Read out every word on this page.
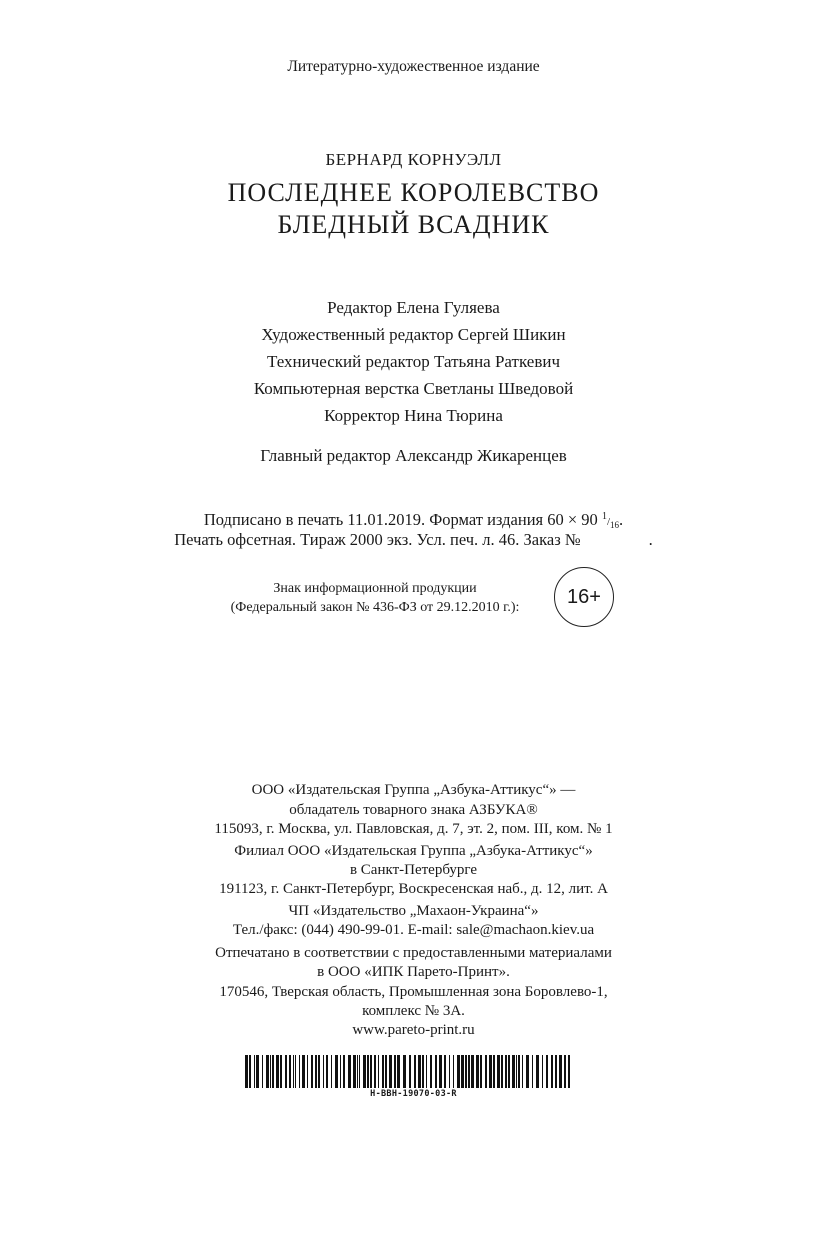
Литературно-художественное издание
БЕРНАРД КОРНУЭЛЛ
ПОСЛЕДНЕЕ КОРОЛЕВСТВО
БЛЕДНЫЙ ВСАДНИК
Редактор Елена Гуляева
Художественный редактор Сергей Шикин
Технический редактор Татьяна Раткевич
Компьютерная верстка Светланы Шведовой
Корректор Нина Тюрина
Главный редактор Александр Жикаренцев
Подписано в печать 11.01.2019. Формат издания 60 × 90 $^1/_{16}$.
Печать офсетная. Тираж 2000 экз. Усл. печ. л. 46. Заказ №	.
Знак информационной продукции
(Федеральный закон № 436-ФЗ от 29.12.2010 г.):	16+
ООО «Издательская Группа „Азбука-Аттикус“» —
обладатель товарного знака АЗБУКА®
115093, г. Москва, ул. Павловская, д. 7, эт. 2, пом. III, ком. № 1
Филиал ООО «Издательская Группа „Азбука-Аттикус“»
в Санкт-Петербурге
191123, г. Санкт-Петербург, Воскресенская наб., д. 12, лит. А
ЧП «Издательство „Махаон-Украина“»
Тел./факс: (044) 490-99-01. E-mail: sale@machaon.kiev.ua
Отпечатано в соответствии с предоставленными материалами
в ООО «ИПК Парето-Принт».
170546, Тверская область, Промышленная зона Боровлево-1,
комплекс № 3А.
www.pareto-print.ru
H-BBH-19070-03-R
